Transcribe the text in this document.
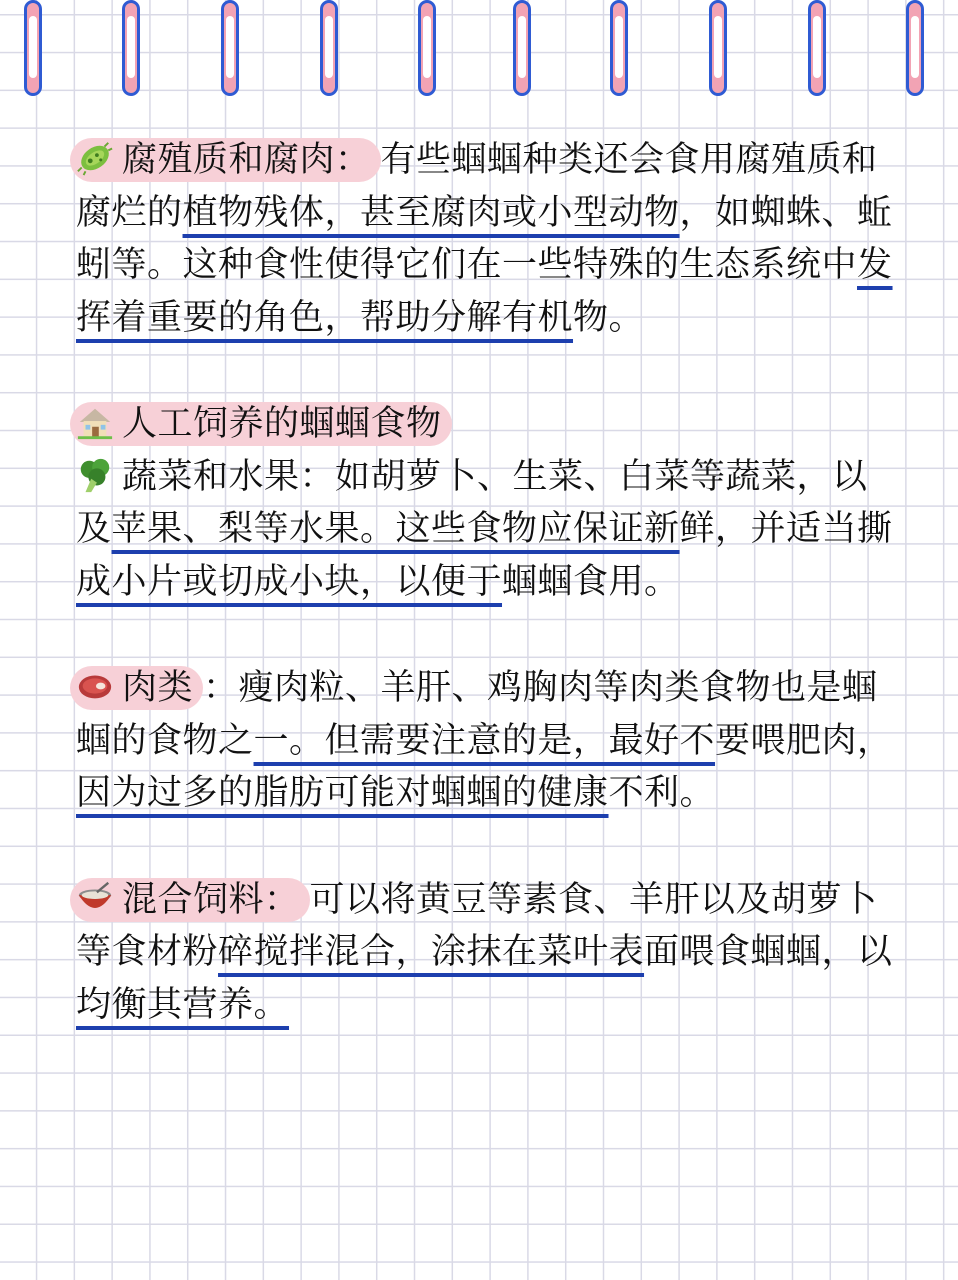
腐殖质和腐肉： 有些蝈蝈种类还会食用腐殖质和腐烂的植物残体，甚至腐肉或小型动物，如蜘蛛、蚯蚓等。这种食性使得它们在一些特殊的生态系统中发挥着重要的角色，帮助分解有机物。

人工饲养的蝈蝈食物

蔬菜和水果：如胡萝卜、生菜、白菜等蔬菜，以及苹果、梨等水果。这些食物应保证新鲜，并适当撕成小片或切成小块，以便于蝈蝈食用。

肉类 ：瘦肉粒、羊肝、鸡胸肉等肉类食物也是蝈蝈的食物之一。但需要注意的是，最好不要喂肥肉，因为过多的脂肪可能对蝈蝈的健康不利。

混合饲料： 可以将黄豆等素食、羊肝以及胡萝卜等食材粉碎搅拌混合，涂抹在菜叶表面喂食蝈蝈，以均衡其营养。
